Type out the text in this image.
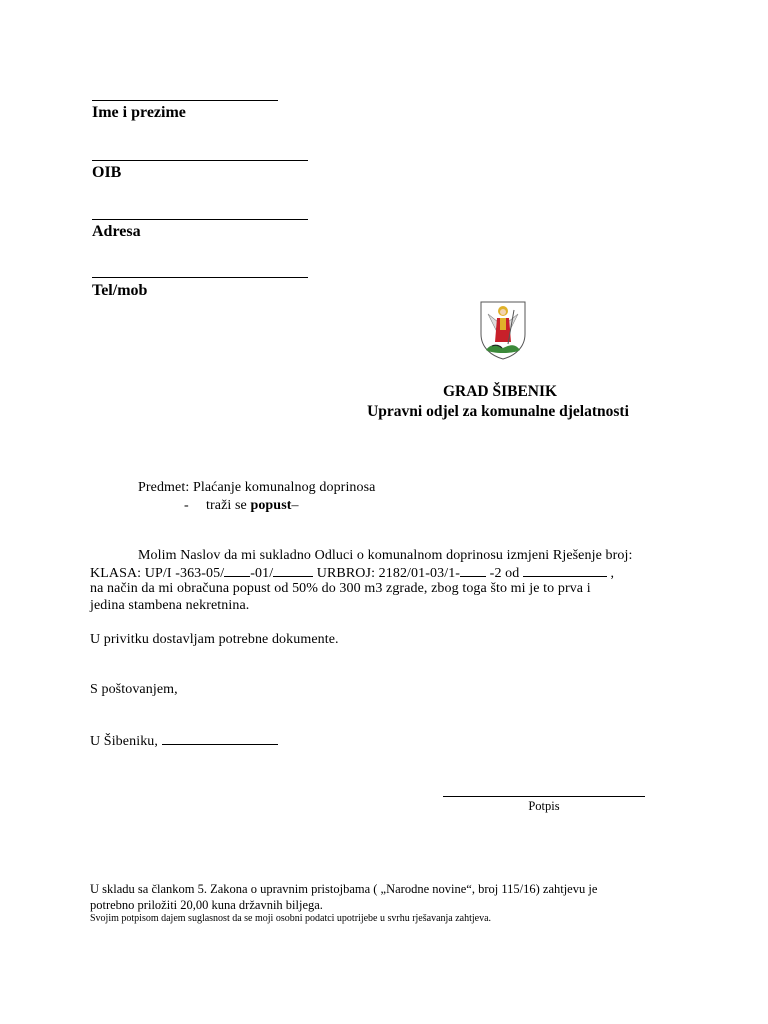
Ime i prezime
OIB
Adresa
Tel/mob
GRAD ŠIBENIK
Upravni odjel za komunalne djelatnosti
Predmet: Plaćanje komunalnog doprinosa
- traži se popust–
Molim Naslov da mi sukladno Odluci o komunalnom doprinosu izmjeni Rješenje broj:
KLASA: UP/I -363-05/ -01/	URBROJ: 2182/01-03/1- -2 od	,
na način da mi obračuna popust od 50% do 300 m3 zgrade, zbog toga što mi je to prva i
jedina stambena nekretnina.
U privitku dostavljam potrebne dokumente.
S poštovanjem,
U Šibeniku,
Potpis
U skladu sa člankom 5. Zakona o upravnim pristojbama ( „Narodne novine“, broj 115/16) zahtjevu je
potrebno priložiti 20,00 kuna državnih biljega.
Svojim potpisom dajem suglasnost da se moji osobni podatci upotrijebe u svrhu rješavanja zahtjeva.
